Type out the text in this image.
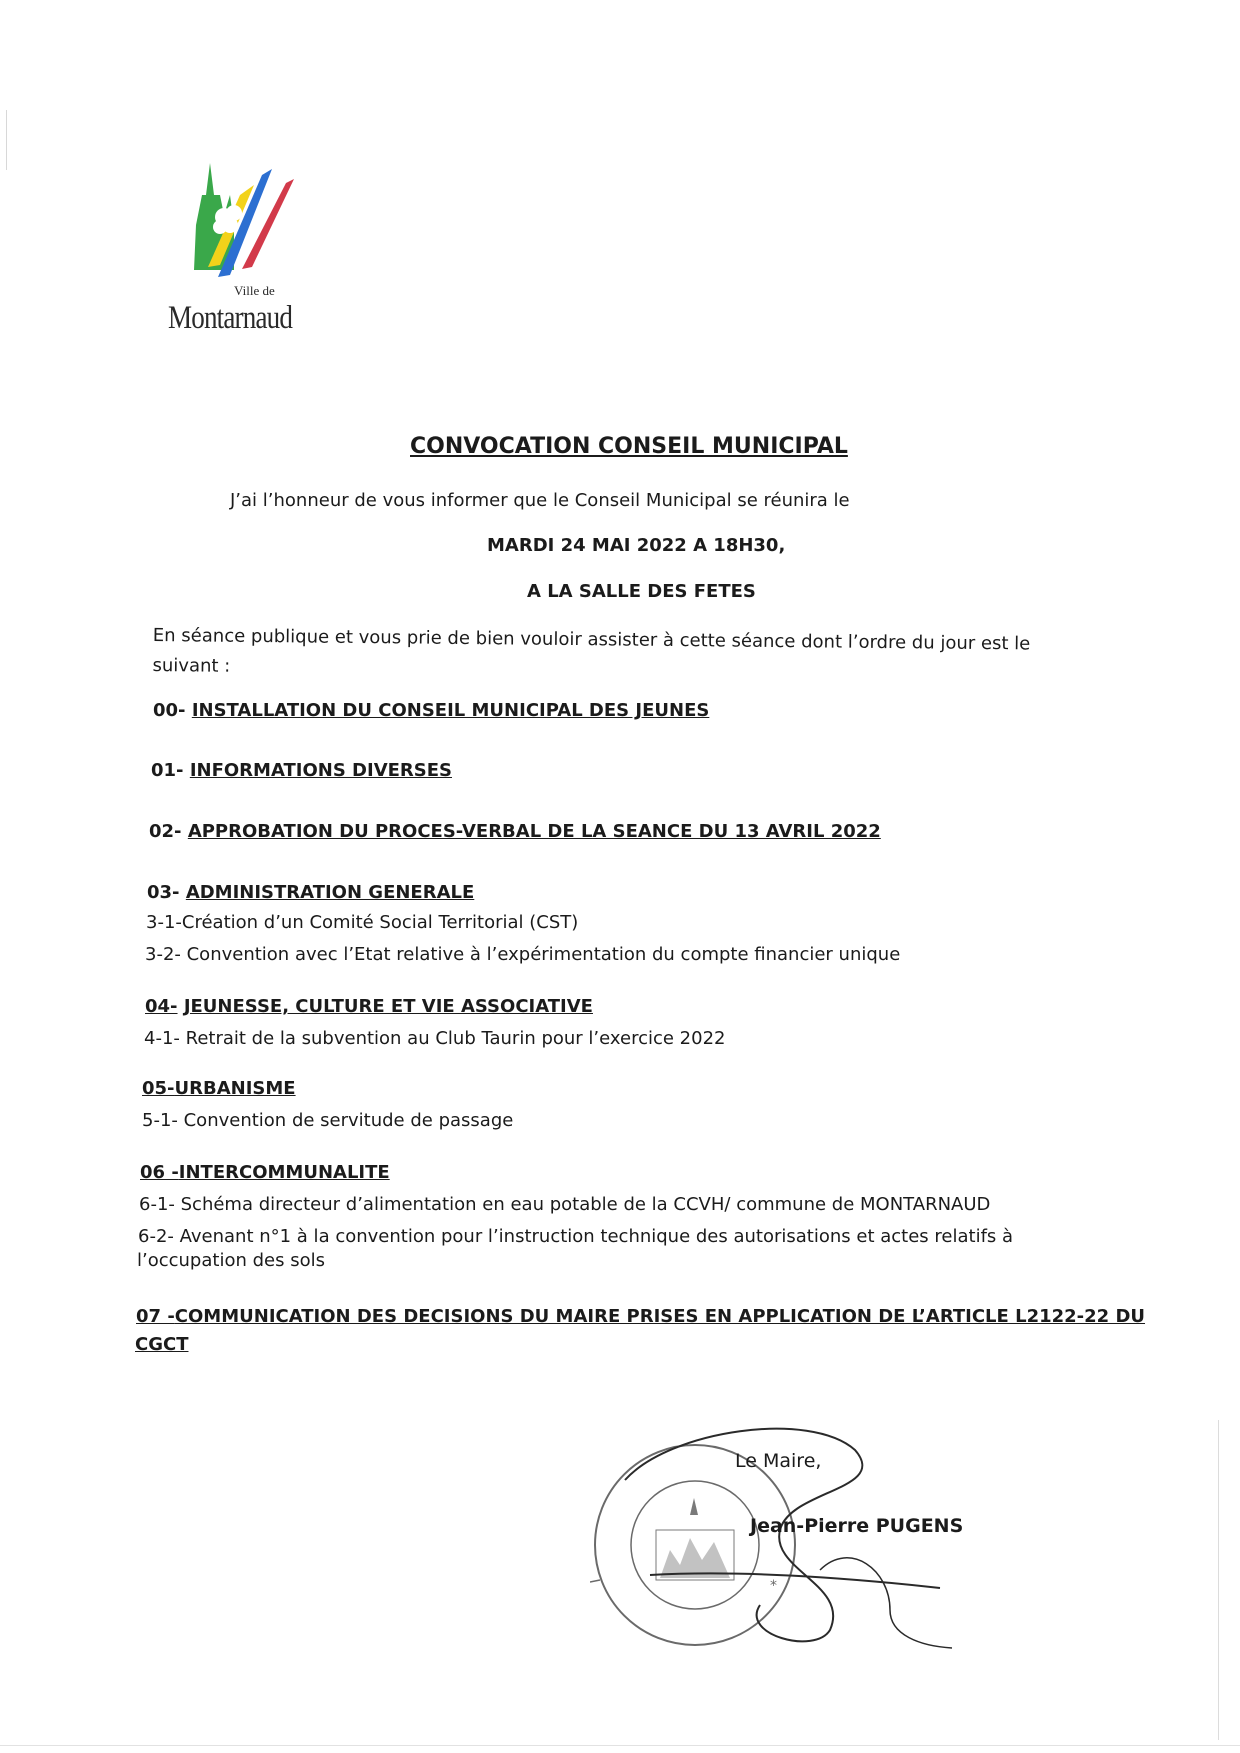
Ville de
Montarnaud
CONVOCATION CONSEIL MUNICIPAL
J’ai l’honneur de vous informer que le Conseil Municipal se réunira le
MARDI 24 MAI 2022 A 18H30,
A LA SALLE DES FETES
En séance publique et vous prie de bien vouloir assister à cette séance dont l’ordre du jour est le suivant :
00- INSTALLATION DU CONSEIL MUNICIPAL DES JEUNES
01- INFORMATIONS DIVERSES
02- APPROBATION DU PROCES-VERBAL DE LA SEANCE DU 13 AVRIL 2022
03- ADMINISTRATION GENERALE
3-1-Création d’un Comité Social Territorial (CST)
3-2- Convention avec l’Etat relative à l’expérimentation du compte financier unique
04- JEUNESSE, CULTURE ET VIE ASSOCIATIVE
4-1- Retrait de la subvention au Club Taurin pour l’exercice 2022
05-URBANISME
5-1- Convention de servitude de passage
06 -INTERCOMMUNALITE
6-1- Schéma directeur d’alimentation en eau potable de la CCVH/ commune de MONTARNAUD
6-2- Avenant n°1 à la convention pour l’instruction technique des autorisations et actes relatifs à
l’occupation des sols
07 -COMMUNICATION DES DECISIONS DU MAIRE PRISES EN APPLICATION DE L’ARTICLE L2122-22 DU
CGCT
*
Le Maire,
Jean-Pierre PUGENS
